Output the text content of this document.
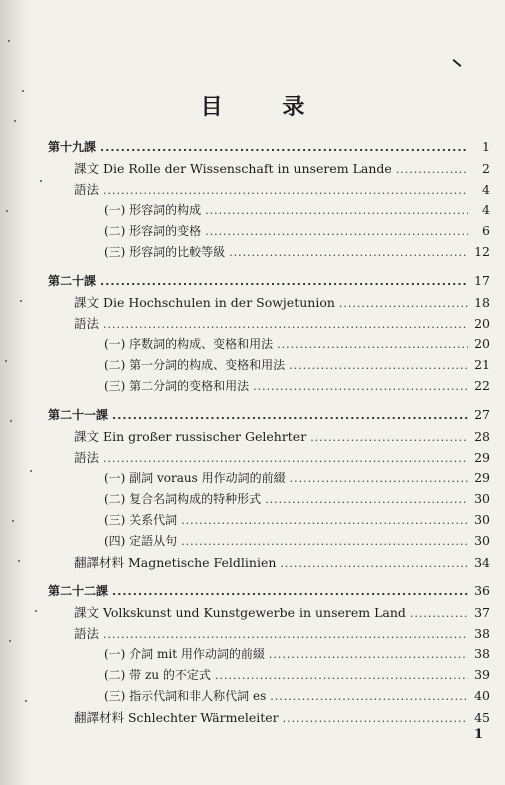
目 录
第十九課 .....	1
課文 Die Rolle der Wissenschaft in unserem Lande .....	2
語法 .....	4
(一) 形容詞的构成 .....	4
(二) 形容詞的变格 .....	6
(三) 形容詞的比較等級 .....	12
第二十課 .....	17
課文 Die Hochschulen in der Sowjetunion .....	18
語法 .....	20
(一) 序数詞的构成、变格和用法 .....	20
(二) 第一分詞的构成、变格和用法 .....	21
(三) 第二分詞的变格和用法 .....	22
第二十一課 .....	27
課文 Ein großer russischer Gelehrter .....	28
語法 .....	29
(一) 副詞 voraus 用作动詞的前綴 .....	29
(二) 复合名詞构成的特种形式 .....	30
(三) 关系代詞 .....	30
(四) 定語从句 .....	30
翻譯材料 Magnetische Feldlinien .....	34
第二十二課 .....	36
課文 Volkskunst und Kunstgewerbe in unserem Land .....	37
語法 .....	38
(一) 介詞 mit 用作动詞的前綴 .....	38
(二) 带 zu 的不定式 .....	39
(三) 指示代詞和非人称代詞 es .....	40
翻譯材料 Schlechter Wärmeleiter .....	45
1
